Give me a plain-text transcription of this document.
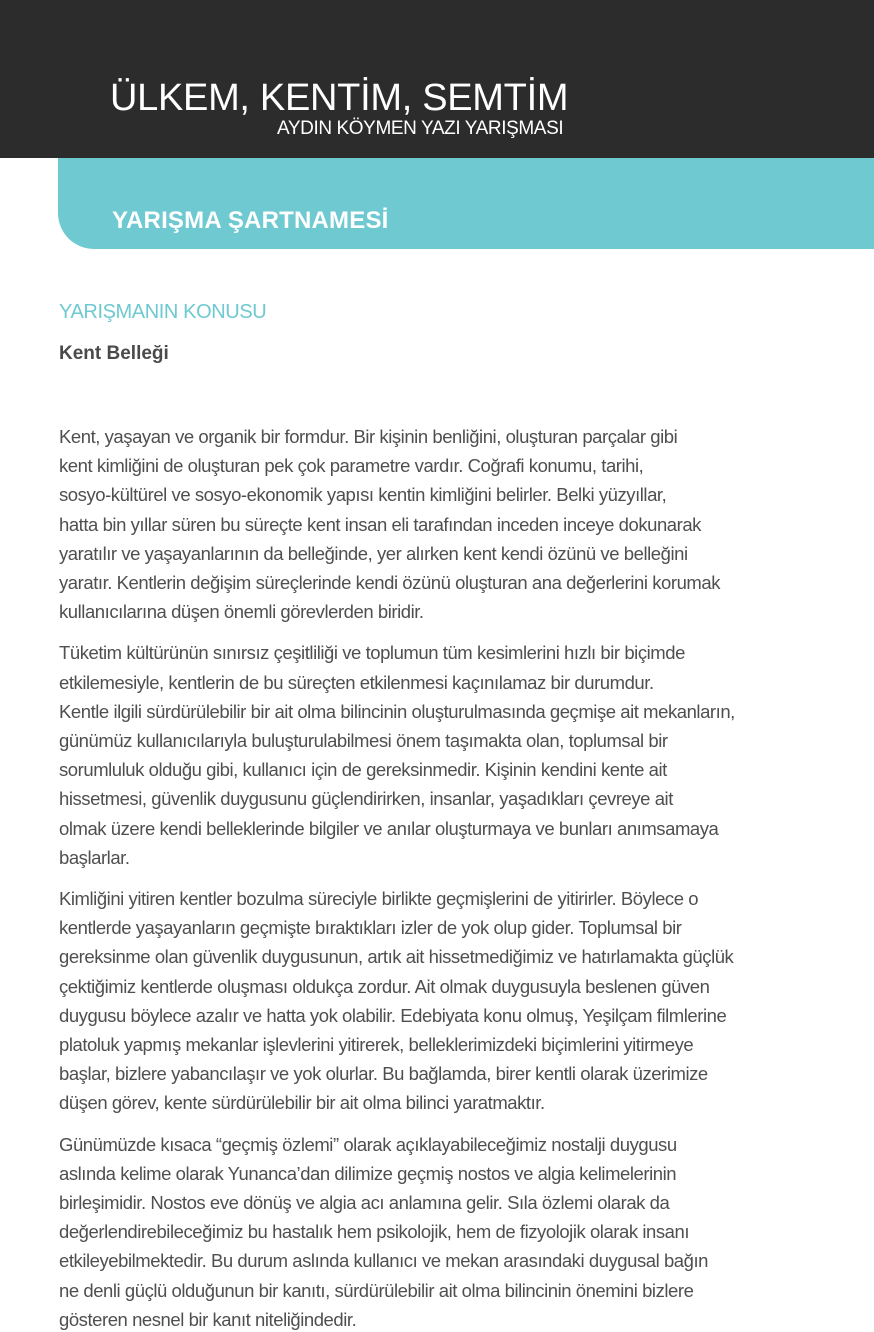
ÜLKEM, KENTİM, SEMTİM
AYDIN KÖYMEN YAZI YARIŞMASI
YARIŞMA ŞARTNAMESİ
YARIŞMANIN KONUSU
Kent Belleği
Kent, yaşayan ve organik bir formdur. Bir kişinin benliğini, oluşturan parçalar gibi
kent kimliğini de oluşturan pek çok parametre vardır. Coğrafi konumu, tarihi,
sosyo-kültürel ve sosyo-ekonomik yapısı kentin kimliğini belirler. Belki yüzyıllar,
hatta bin yıllar süren bu süreçte kent insan eli tarafından inceden inceye dokunarak
yaratılır ve yaşayanlarının da belleğinde, yer alırken kent kendi özünü ve belleğini
yaratır. Kentlerin değişim süreçlerinde kendi özünü oluşturan ana değerlerini korumak
kullanıcılarına düşen önemli görevlerden biridir.
Tüketim kültürünün sınırsız çeşitliliği ve toplumun tüm kesimlerini hızlı bir biçimde
etkilemesiyle, kentlerin de bu süreçten etkilenmesi kaçınılamaz bir durumdur.
Kentle ilgili sürdürülebilir bir ait olma bilincinin oluşturulmasında geçmişe ait mekanların,
günümüz kullanıcılarıyla buluşturulabilmesi önem taşımakta olan, toplumsal bir
sorumluluk olduğu gibi, kullanıcı için de gereksinmedir. Kişinin kendini kente ait
hissetmesi, güvenlik duygusunu güçlendirirken, insanlar, yaşadıkları çevreye ait
olmak üzere kendi belleklerinde bilgiler ve anılar oluşturmaya ve bunları anımsamaya
başlarlar.
Kimliğini yitiren kentler bozulma süreciyle birlikte geçmişlerini de yitirirler. Böylece o
kentlerde yaşayanların geçmişte bıraktıkları izler de yok olup gider. Toplumsal bir
gereksinme olan güvenlik duygusunun, artık ait hissetmediğimiz ve hatırlamakta güçlük
çektiğimiz kentlerde oluşması oldukça zordur. Ait olmak duygusuyla beslenen güven
duygusu böylece azalır ve hatta yok olabilir. Edebiyata konu olmuş, Yeşilçam filmlerine
platoluk yapmış mekanlar işlevlerini yitirerek, belleklerimizdeki biçimlerini yitirmeye
başlar, bizlere yabancılaşır ve yok olurlar. Bu bağlamda, birer kentli olarak üzerimize
düşen görev, kente sürdürülebilir bir ait olma bilinci yaratmaktır.
Günümüzde kısaca “geçmiş özlemi” olarak açıklayabileceğimiz nostalji duygusu
aslında kelime olarak Yunanca’dan dilimize geçmiş nostos ve algia kelimelerinin
birleşimidir. Nostos eve dönüş ve algia acı anlamına gelir. Sıla özlemi olarak da
değerlendirebileceğimiz bu hastalık hem psikolojik, hem de fizyolojik olarak insanı
etkileyebilmektedir. Bu durum aslında kullanıcı ve mekan arasındaki duygusal bağın
ne denli güçlü olduğunun bir kanıtı, sürdürülebilir ait olma bilincinin önemini bizlere
gösteren nesnel bir kanıt niteliğindedir.
